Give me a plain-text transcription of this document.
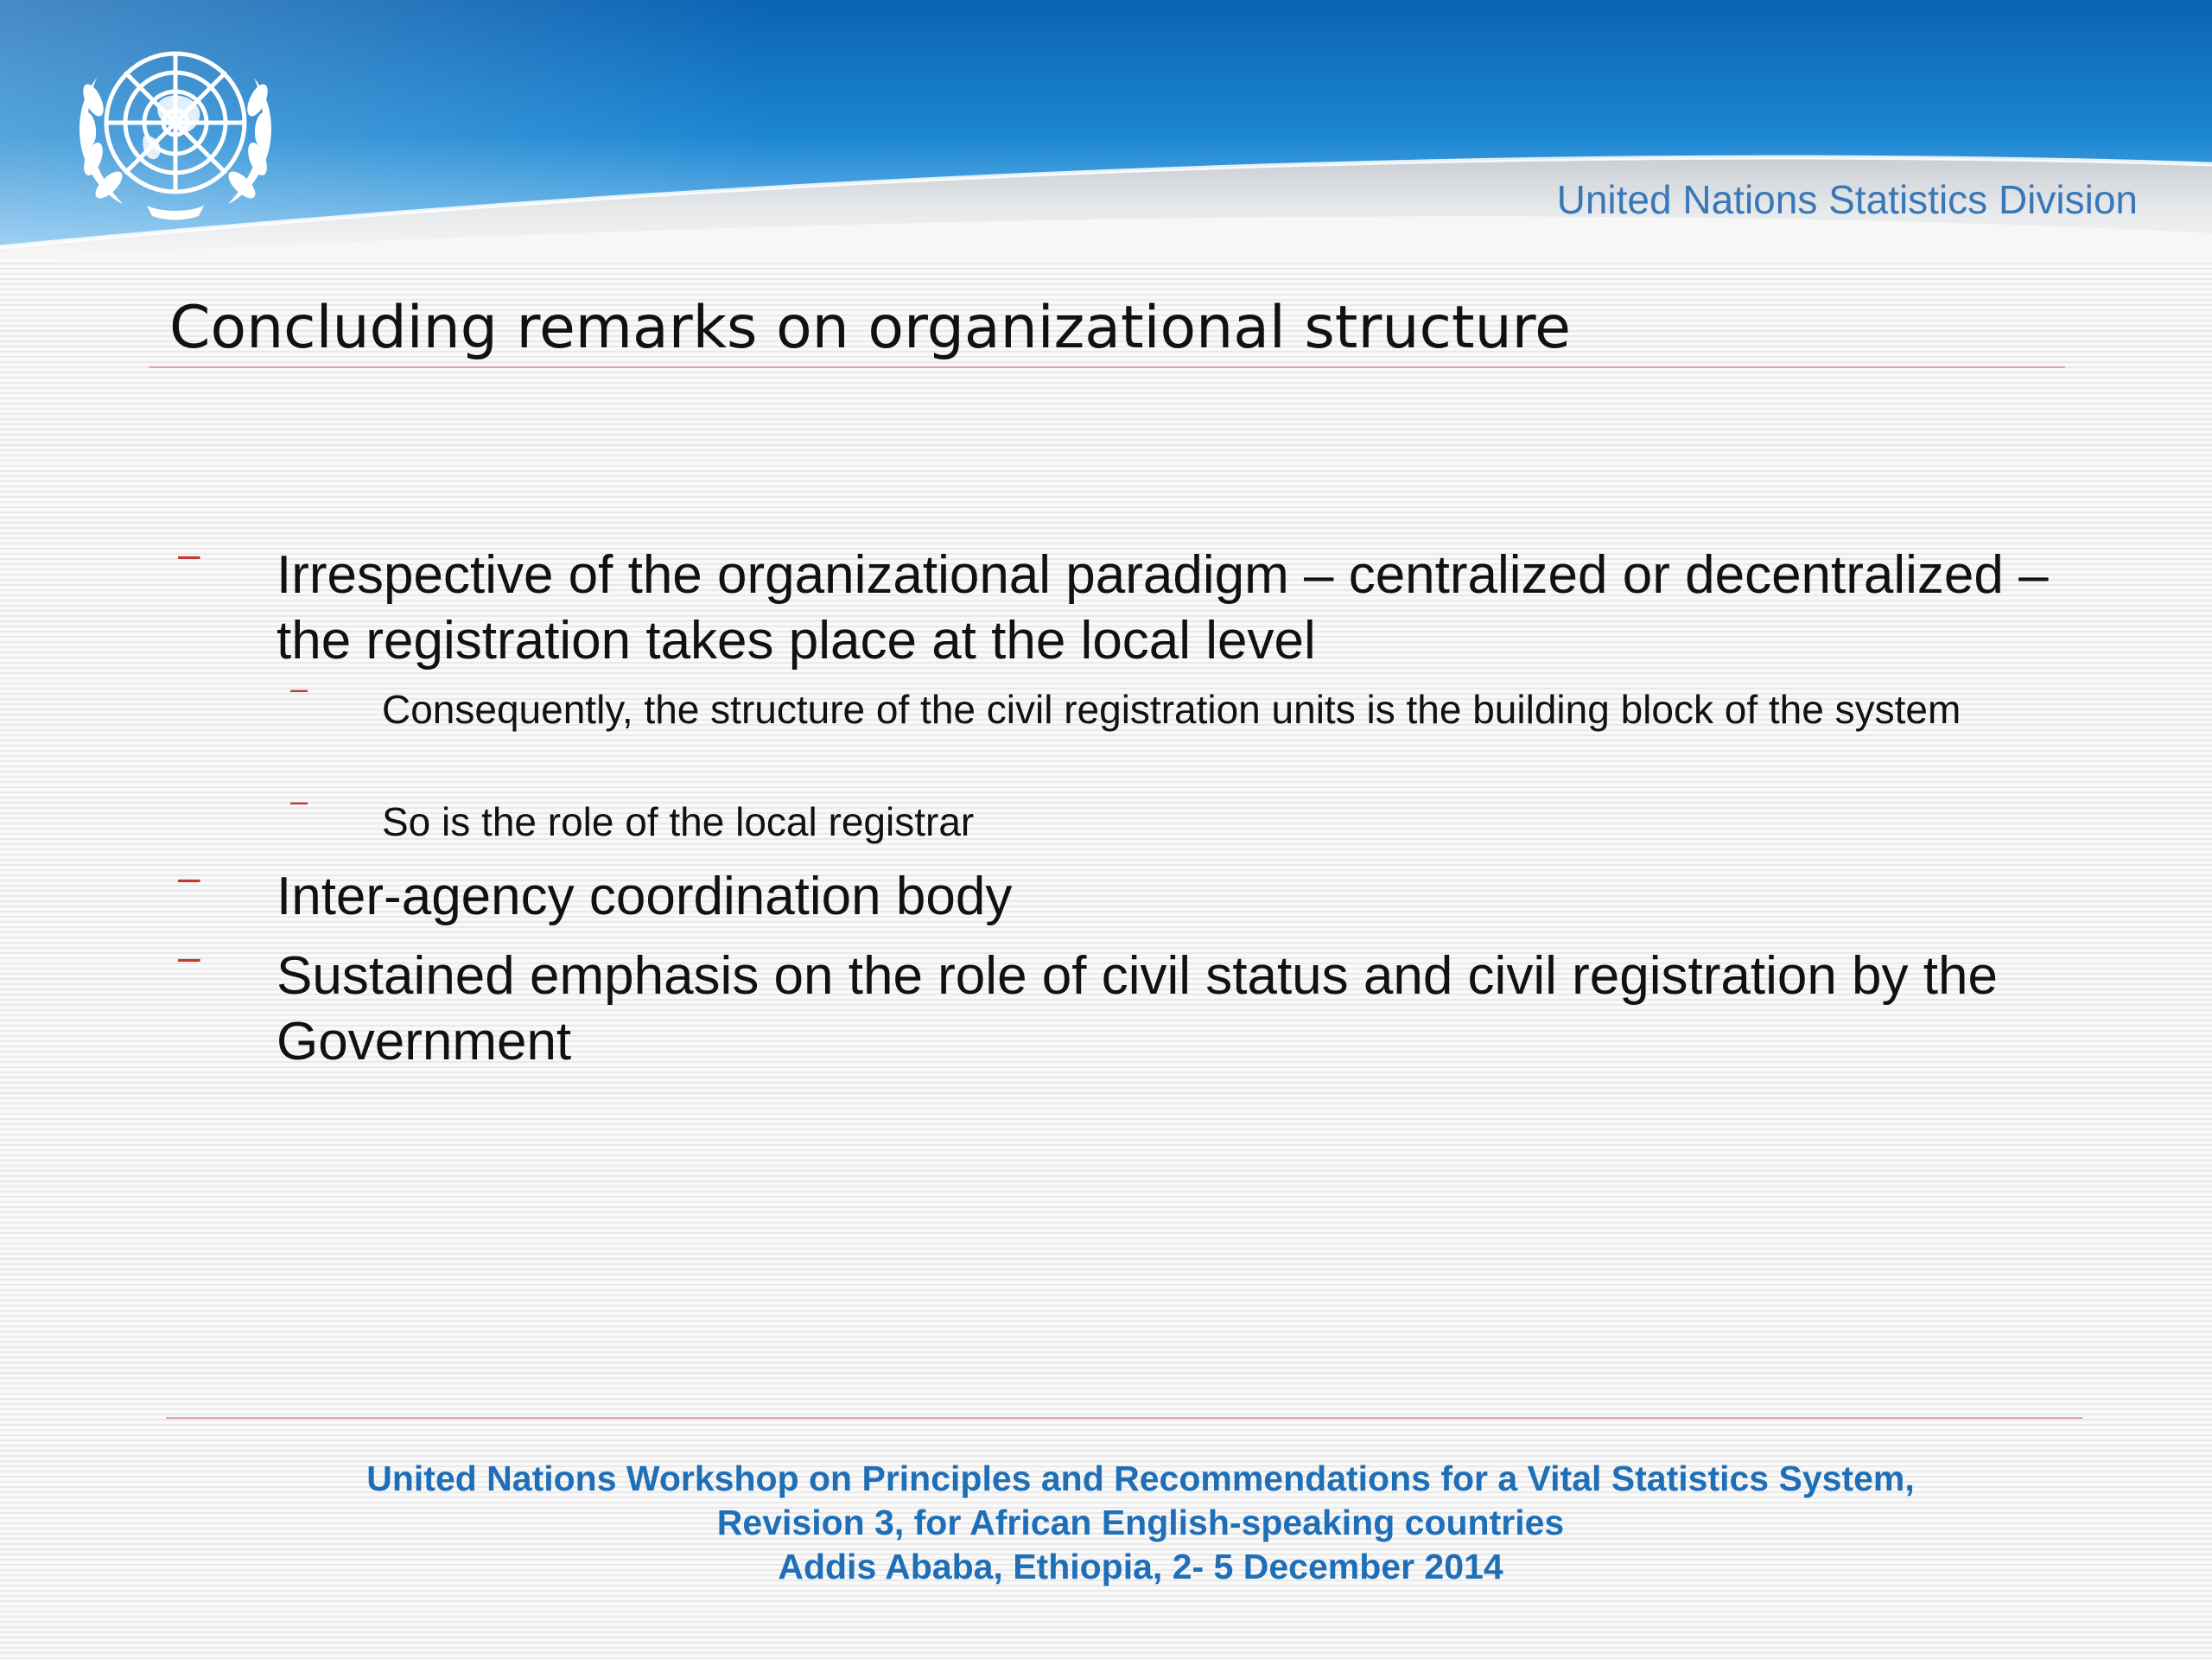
United Nations Statistics Division
Concluding remarks on organizational structure
– Irrespective of the organizational paradigm – centralized or decentralized – the registration takes place at the local level
– Consequently, the structure of the civil registration units is the building block of the system
– So is the role of the local registrar
– Inter-agency coordination body
– Sustained emphasis on the role of civil status and civil registration by the Government
United Nations Workshop on Principles and Recommendations for a Vital Statistics System,
Revision 3, for African English-speaking countries
Addis Ababa, Ethiopia, 2- 5 December 2014
